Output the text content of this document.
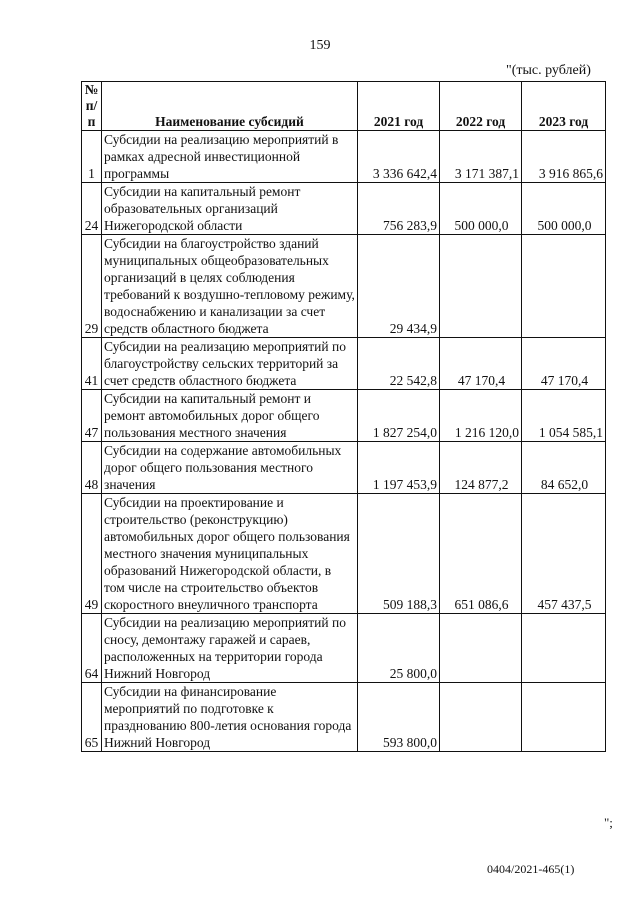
159
"(тыс. рублей)
№ п/п	Наименование субсидий	2021 год	2022 год	2023 год
1	Субсидии на реализацию мероприятий в рамках адресной инвестиционной программы	3 336 642,4	3 171 387,1	3 916 865,6
24	Субсидии на капитальный ремонт образовательных организаций Нижегородской области	756 283,9	500 000,0	500 000,0
29	Субсидии на благоустройство зданий муниципальных общеобразовательных организаций в целях соблюдения требований к воздушно-тепловому режиму, водоснабжению и канализации за счет средств областного бюджета	29 434,9		
41	Субсидии на реализацию мероприятий по благоустройству сельских территорий за счет средств областного бюджета	22 542,8	47 170,4	47 170,4
47	Субсидии на капитальный ремонт и ремонт автомобильных дорог общего пользования местного значения	1 827 254,0	1 216 120,0	1 054 585,1
48	Субсидии на содержание автомобильных дорог общего пользования местного значения	1 197 453,9	124 877,2	84 652,0
49	Субсидии на проектирование и строительство (реконструкцию) автомобильных дорог общего пользования местного значения муниципальных образований Нижегородской области, в том числе на строительство объектов скоростного внеуличного транспорта	509 188,3	651 086,6	457 437,5
64	Субсидии на реализацию мероприятий по сносу, демонтажу гаражей и сараев, расположенных на территории города Нижний Новгород	25 800,0		
65	Субсидии на финансирование мероприятий по подготовке к празднованию 800-летия основания города Нижний Новгород	593 800,0		
";
0404/2021-465(1)
